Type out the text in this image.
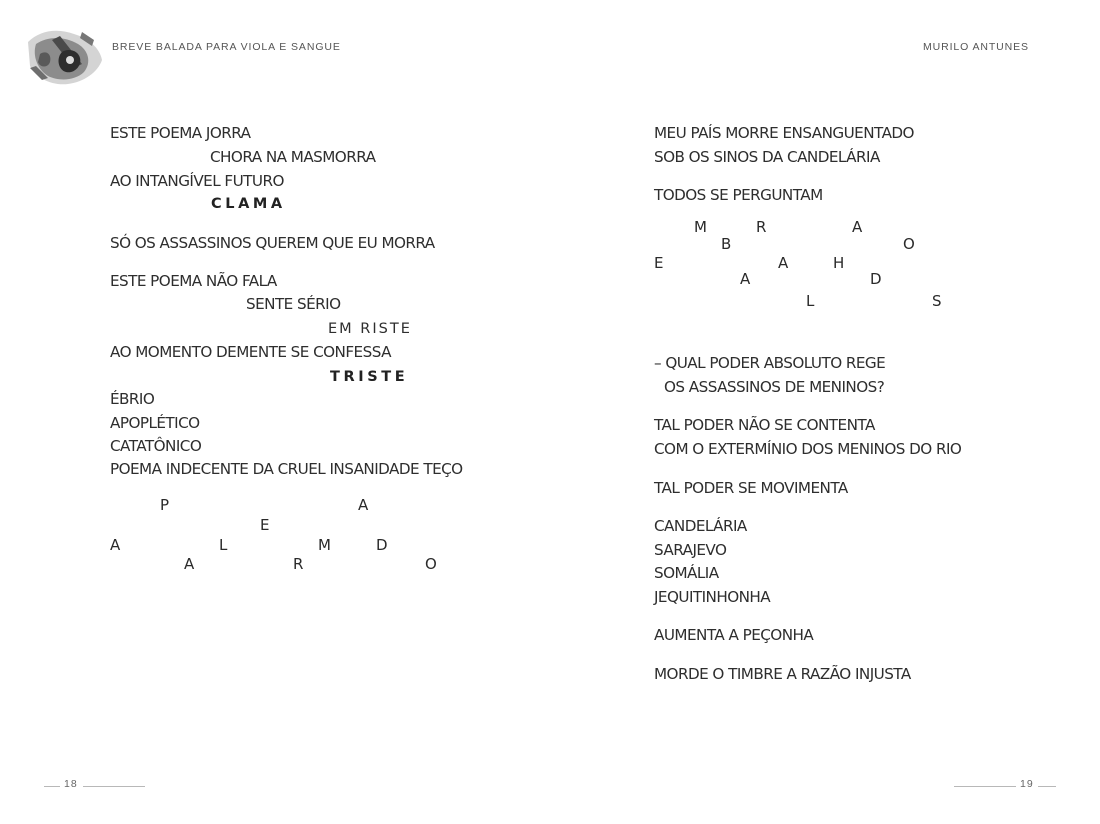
BREVE BALADA PARA VIOLA E SANGUE
ESTE POEMA JORRA
CHORA NA MASMORRA
AO INTANGÍVEL FUTURO
CLAMA
SÓ OS ASSASSINOS QUEREM QUE EU MORRA
ESTE POEMA NÃO FALA
SENTE SÉRIO
EM RISTE
AO MOMENTO DEMENTE SE CONFESSA
TRISTE
ÉBRIO
APOPLÉTICO
CATATÔNICO
POEMA INDECENTE DA CRUEL INSANIDADE TEÇO
P	A
E
A	L	M	D
A	R	O
18
MURILO ANTUNES
MEU PAÍS MORRE ENSANGUENTADO
SOB OS SINOS DA CANDELÁRIA
TODOS SE PERGUNTAM
M	R	A
B	O
E	A	H
A	D
L	S
– QUAL PODER ABSOLUTO REGE
OS ASSASSINOS DE MENINOS?
TAL PODER NÃO SE CONTENTA
COM O EXTERMÍNIO DOS MENINOS DO RIO
TAL PODER SE MOVIMENTA
CANDELÁRIA
SARAJEVO
SOMÁLIA
JEQUITINHONHA
AUMENTA A PEÇONHA
MORDE O TIMBRE A RAZÃO INJUSTA
19
